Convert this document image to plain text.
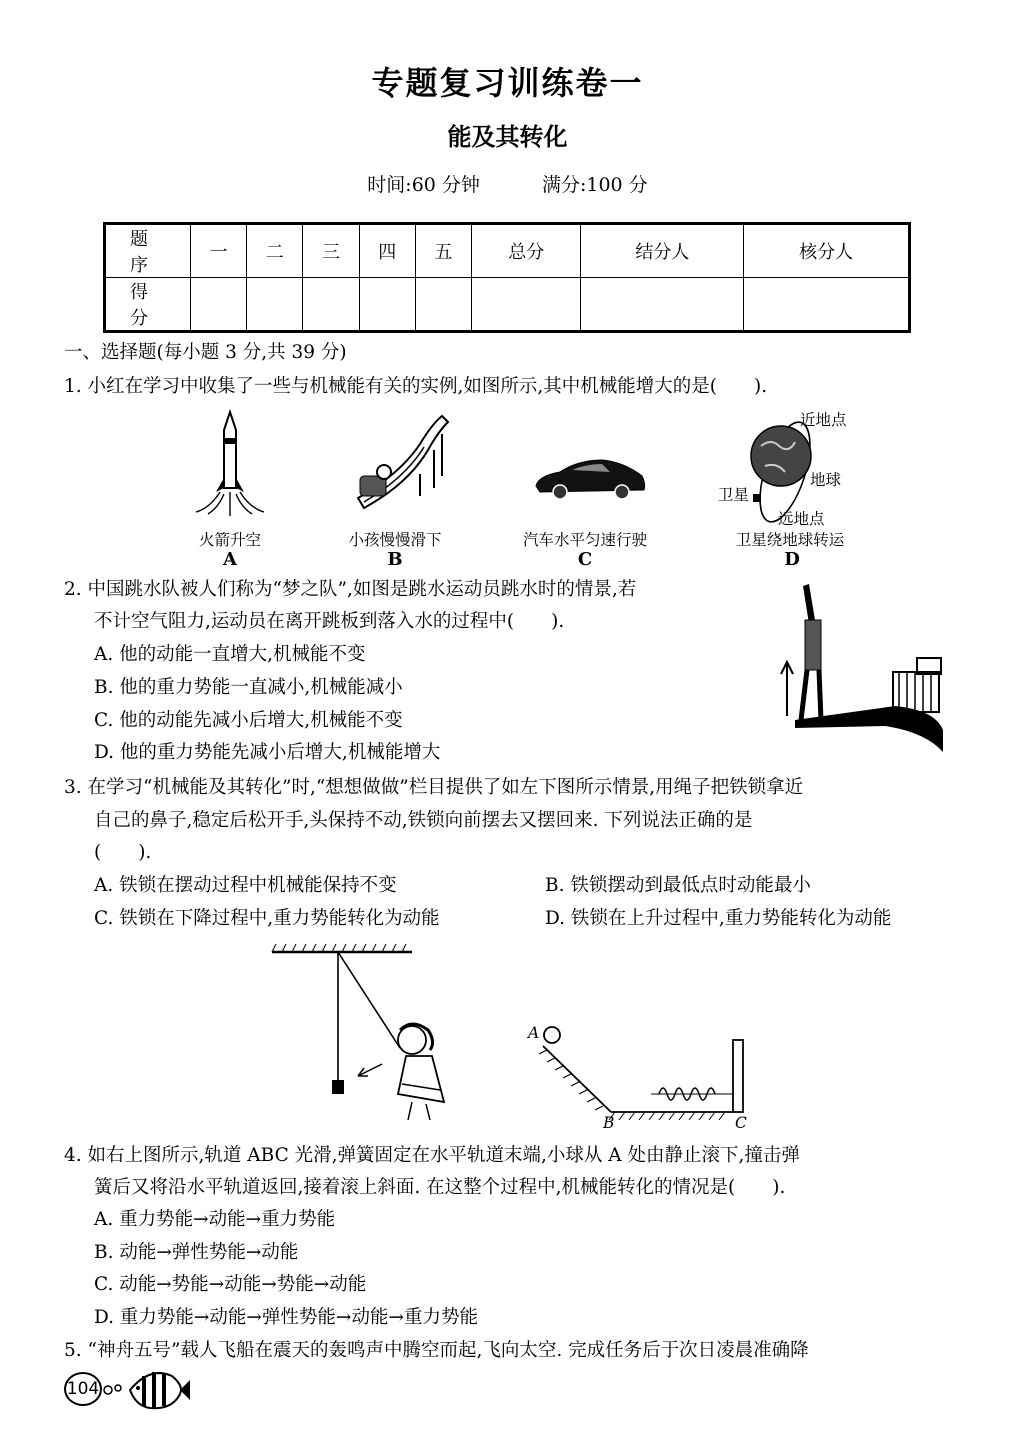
专题复习训练卷一
能及其转化
时间:60 分钟	满分:100 分
题　序	一	二	三	四	五	总分	结分人	核分人
得　分								
一、选择题(每小题 3 分,共 39 分)
1. 小红在学习中收集了一些与机械能有关的实例,如图所示,其中机械能增大的是(　　).
近地点
地球
卫星
远地点
火箭升空	小孩慢慢滑下	汽车水平匀速行驶	卫星绕地球转运
A	B	C	D
2. 中国跳水队被人们称为“梦之队”,如图是跳水运动员跳水时的情景,若
不计空气阻力,运动员在离开跳板到落入水的过程中(　　).
A. 他的动能一直增大,机械能不变
B. 他的重力势能一直减小,机械能减小
C. 他的动能先减小后增大,机械能不变
D. 他的重力势能先减小后增大,机械能增大
3. 在学习“机械能及其转化”时,“想想做做”栏目提供了如左下图所示情景,用绳子把铁锁拿近
自己的鼻子,稳定后松开手,头保持不动,铁锁向前摆去又摆回来. 下列说法正确的是
(　　).
A. 铁锁在摆动过程中机械能保持不变	B. 铁锁摆动到最低点时动能最小
C. 铁锁在下降过程中,重力势能转化为动能	D. 铁锁在上升过程中,重力势能转化为动能
A
B	C
4. 如右上图所示,轨道 ABC 光滑,弹簧固定在水平轨道末端,小球从 A 处由静止滚下,撞击弹
簧后又将沿水平轨道返回,接着滚上斜面. 在这整个过程中,机械能转化的情况是(　　).
A. 重力势能→动能→重力势能
B. 动能→弹性势能→动能
C. 动能→势能→动能→势能→动能
D. 重力势能→动能→弹性势能→动能→重力势能
5. “神舟五号”载人飞船在震天的轰鸣声中腾空而起,飞向太空. 完成任务后于次日凌晨准确降
104
